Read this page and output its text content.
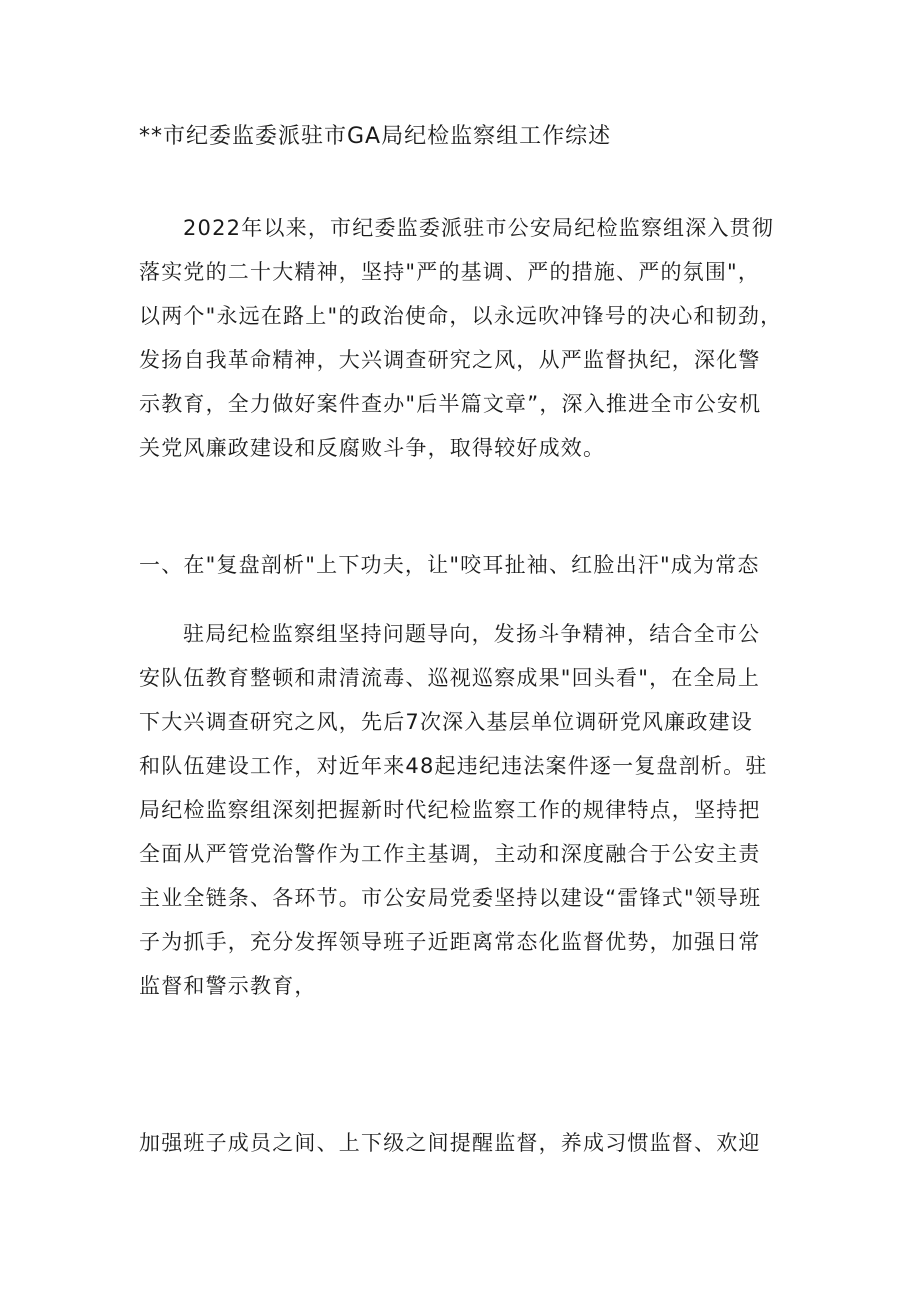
**市纪委监委派驻市GA局纪检监察组工作综述
2022年以来，市纪委监委派驻市公安局纪检监察组深入贯彻
落实党的二十大精神，坚持"严的基调、严的措施、严的氛围"，
以两个"永远在路上"的政治使命，以永远吹冲锋号的决心和韧劲，
发扬自我革命精神，大兴调查研究之风，从严监督执纪，深化警
示教育，全力做好案件查办"后半篇文章”，深入推进全市公安机
关党风廉政建设和反腐败斗争，取得较好成效。
一、在"复盘剖析"上下功夫，让"咬耳扯袖、红脸出汗"成为常态
驻局纪检监察组坚持问题导向，发扬斗争精神，结合全市公
安队伍教育整顿和肃清流毒、巡视巡察成果"回头看"，在全局上
下大兴调查研究之风，先后7次深入基层单位调研党风廉政建设
和队伍建设工作，对近年来48起违纪违法案件逐一复盘剖析。驻
局纪检监察组深刻把握新时代纪检监察工作的规律特点，坚持把
全面从严管党治警作为工作主基调，主动和深度融合于公安主责
主业全链条、各环节。市公安局党委坚持以建设“雷锋式"领导班
子为抓手，充分发挥领导班子近距离常态化监督优势，加强日常
监督和警示教育，
加强班子成员之间、上下级之间提醒监督，养成习惯监督、欢迎
